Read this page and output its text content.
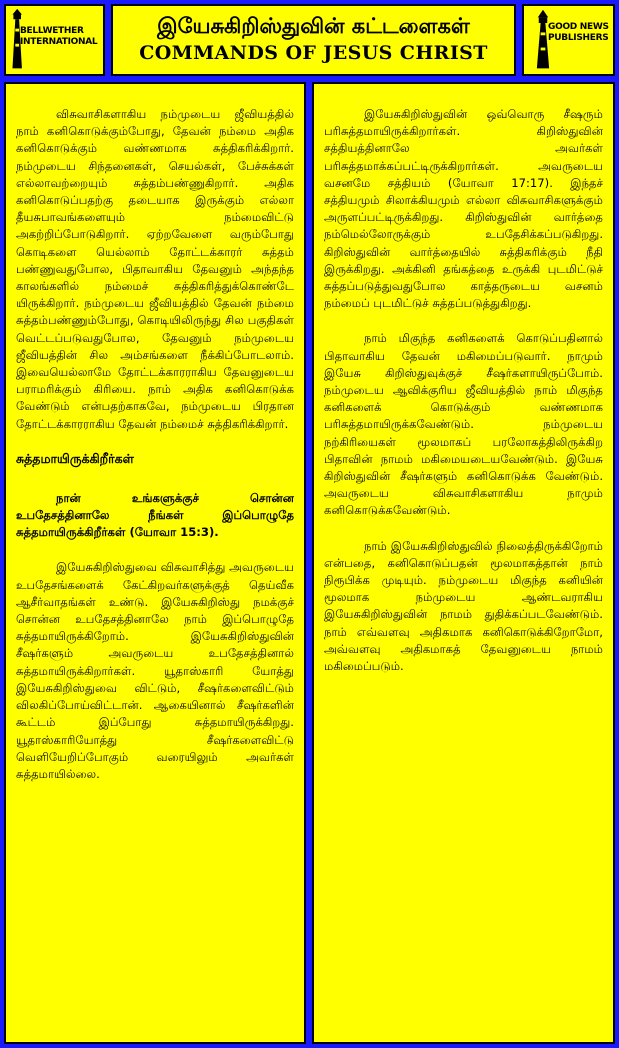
BELLWETHER
INTERNATIONAL
இயேசுகிறிஸ்துவின் கட்டளைகள்
COMMANDS OF JESUS CHRIST
GOOD NEWS
PUBLISHERS

விசுவாசிகளாகிய நம்முடைய ஜீவியத்தில் நாம் கனிகொடுக்கும்போது, தேவன் நம்மை அதிக கனிகொடுக்கும் வண்ணமாக சுத்திகரிக்கிறார். நம்முடைய சிந்தனைகள், செயல்கள், பேச்சுக்கள் எல்லாவற்றையும் சுத்தம்பண்ணுகிறார். அதிக கனிகொடுப்பதற்கு தடையாக இருக்கும் எல்லா தீயசுபாவங்களையும் நம்மைவிட்டு அகற்றிப்போடுகிறார். ஏற்றவேளை வரும்போது கொடிகளை யெல்லாம் தோட்டக்காரர் சுத்தம் பண்ணுவதுபோல, பிதாவாகிய தேவனும் அந்தந்த காலங்களில் நம்மைச் சுத்திகரித்துக்கொண்டே யிருக்கிறார். நம்முடைய ஜீவியத்தில் தேவன் நம்மை சுத்தம்பண்ணும்போது, கொடியிலிருந்து சில பகுதிகள் வெட்டப்படுவதுபோல, தேவனும் நம்முடைய ஜீவியத்தின் சில அம்சங்களை நீக்கிப்போடலாம். இவையெல்லாமே தோட்டக்காரராகிய தேவனுடைய பராமரிக்கும் கிரியை. நாம் அதிக கனிகொடுக்க வேண்டும் என்பதற்காகவே, நம்முடைய பிரதான தோட்டக்காரராகிய தேவன் நம்மைச் சுத்திகரிக்கிறார்.

சுத்தமாயிருக்கிறீர்கள்

நான் உங்களுக்குச் சொன்ன உபதேசத்தினாலே நீங்கள் இப்பொழுதே சுத்தமாயிருக்கிறீர்கள் (யோவா 15:3).

இயேசுகிறிஸ்துவை விசுவாசித்து அவருடைய உபதேசங்களைக் கேட்கிறவர்களுக்குத் தெய்வீக ஆசீர்வாதங்கள் உண்டு. இயேசுகிறிஸ்து நமக்குச் சொன்ன உபதேசத்தினாலே நாம் இப்பொழுதே சுத்தமாயிருக்கிறோம். இயேசுகிறிஸ்துவின் சீஷர்களும் அவருடைய உபதேசத்தினால் சுத்தமாயிருக்கிறார்கள். யூதாஸ்காரி யோத்து இயேசுகிறிஸ்துவை விட்டும், சீஷர்களைவிட்டும் விலகிப்போய்விட்டான். ஆகையினால் சீஷர்களின் கூட்டம் இப்போது சுத்தமாயிருக்கிறது. யூதாஸ்காரியோத்து சீஷர்களைவிட்டு வெளியேறிப்போகும் வரையிலும் அவர்கள் சுத்தமாயில்லை.

இயேசுகிறிஸ்துவின் ஒவ்வொரு சீஷரும் பரிசுத்தமாயிருக்கிறார்கள். கிறிஸ்துவின் சத்தியத்தினாலே அவர்கள் பரிசுத்தமாக்கப்பட்டிருக்கிறார்கள். அவருடைய வசனமே சத்தியம் (யோவா 17:17). இந்தச் சத்தியமும் சிலாக்கியமும் எல்லா விசுவாசிகளுக்கும் அருளப்பட்டிருக்கிறது. கிறிஸ்துவின் வார்த்தை நம்மெல்லோருக்கும் உபதேசிக்கப்படுகிறது. கிறிஸ்துவின் வார்த்தையில் சுத்திகரிக்கும் நீதி இருக்கிறது. அக்கினி தங்கத்தை உருக்கி புடமிட்டுச் சுத்தப்படுத்துவதுபோல காத்தருடைய வசனம் நம்மைப் புடமிட்டுச் சுத்தப்படுத்துகிறது.

நாம் மிகுந்த கனிகளைக் கொடுப்பதினால் பிதாவாகிய தேவன் மகிமைப்படுவார். நாமும் இயேசு கிறிஸ்துவுக்குச் சீஷர்களாயிருப்போம். நம்முடைய ஆவிக்குரிய ஜீவியத்தில் நாம் மிகுந்த கனிகளைக் கொடுக்கும் வண்ணமாக பரிசுத்தமாயிருக்கவேண்டும். நம்முடைய நற்கிரியைகள் மூலமாகப் பரலோகத்திலிருக்கிற பிதாவின் நாமம் மகிமையடையவேண்டும். இயேசு கிறிஸ்துவின் சீஷர்களும் கனிகொடுக்க வேண்டும். அவருடைய விசுவாசிகளாகிய நாமும் கனிகொடுக்கவேண்டும்.

நாம் இயேசுகிறிஸ்துவில் நிலைத்திருக்கிறோம் என்பதை, கனிகொடுப்பதன் மூலமாகத்தான் நாம் நிரூபிக்க முடியும். நம்முடைய மிகுந்த கனியின் மூலமாக நம்முடைய ஆண்டவராகிய இயேசுகிறிஸ்துவின் நாமம் துதிக்கப்படவேண்டும். நாம் எவ்வளவு அதிகமாக கனிகொடுக்கிறோமோ, அவ்வளவு அதிகமாகத் தேவனுடைய நாமம் மகிமைப்படும்.
